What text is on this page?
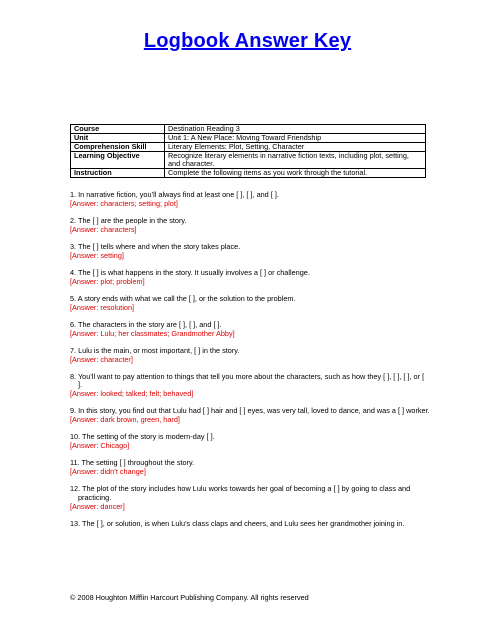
Logbook Answer Key
Course	Destination Reading 3
Unit	Unit 1: A New Place: Moving Toward Friendship
Comprehension Skill	Literary Elements: Plot, Setting, Character
Learning Objective	Recognize literary elements in narrative fiction texts, including plot, setting, and character.
Instruction	Complete the following items as you work through the tutorial.
1. In narrative fiction, you’ll always find at least one [ ], [ ], and [ ].
[Answer: characters; setting; plot]
2. The [ ] are the people in the story.
[Answer: characters]
3. The [ ] tells where and when the story takes place.
[Answer: setting]
4. The [ ] is what happens in the story. It usually involves a [ ] or challenge.
[Answer: plot; problem]
5. A story ends with what we call the [ ], or the solution to the problem.
[Answer: resolution]
6. The characters in the story are [ ], [ ], and [ ].
[Answer: Lulu; her classmates; Grandmother Abby]
7. Lulu is the main, or most important, [ ] in the story.
[Answer: character]
8. You’ll want to pay attention to things that tell you more about the characters, such as how they [ ], [ ], [ ], or [ ].
[Answer: looked; talked; felt; behaved]
9. In this story, you find out that Lulu had [ ] hair and [ ] eyes, was very tall, loved to dance, and was a [ ] worker.
[Answer: dark brown, green, hard]
10. The setting of the story is modern-day [ ].
[Answer: Chicago]
11. The setting [ ] throughout the story.
[Answer: didn’t change]
12. The plot of the story includes how Lulu works towards her goal of becoming a [ ] by going to class and practicing.
[Answer: dancer]
13. The [ ], or solution, is when Lulu’s class claps and cheers, and Lulu sees her grandmother joining in.
© 2008 Houghton Mifflin Harcourt Publishing Company. All rights reserved
